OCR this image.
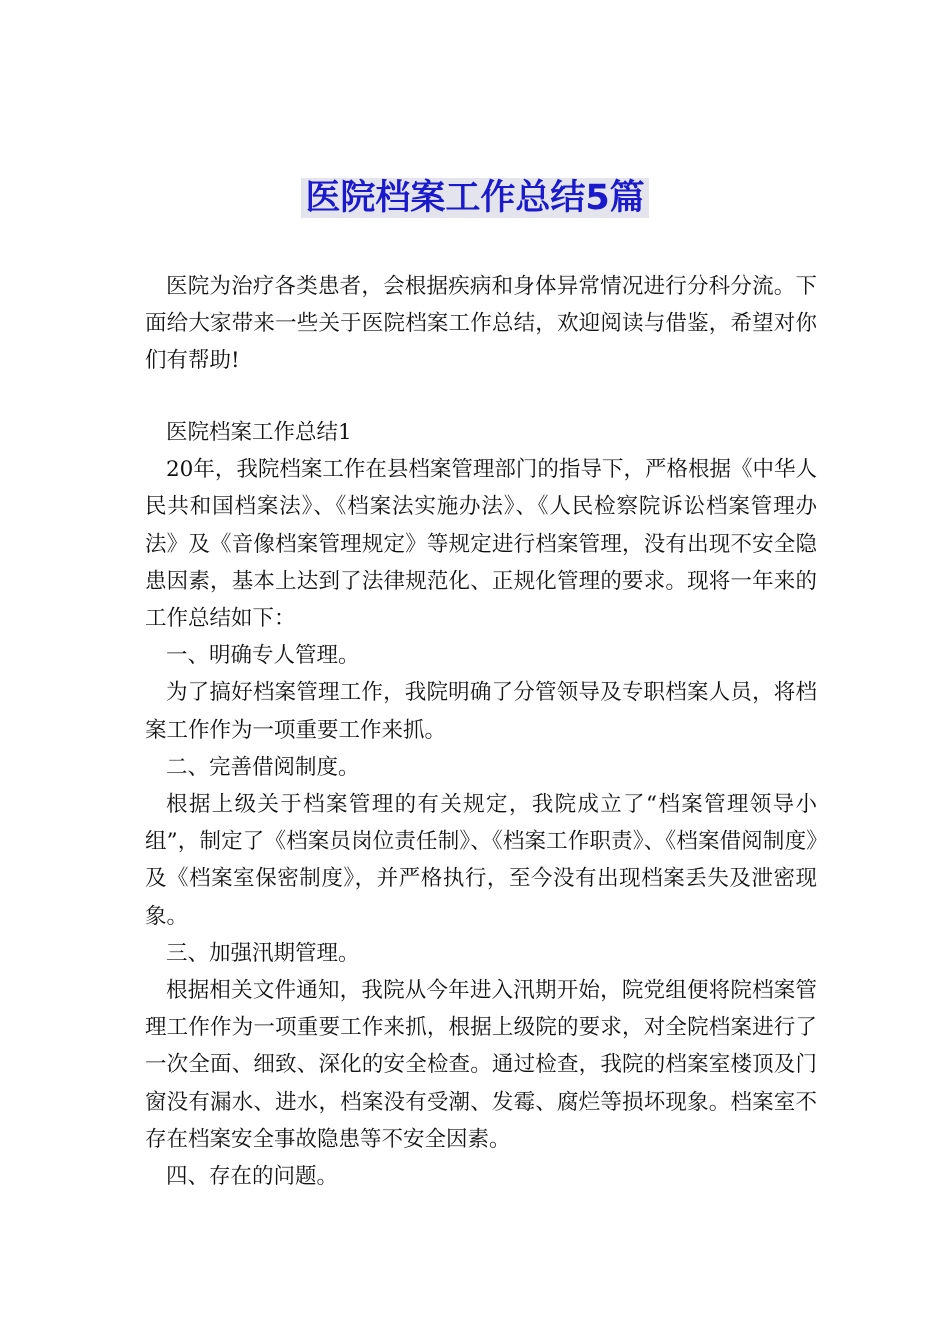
医院档案工作总结5篇

医院为治疗各类患者，会根据疾病和身体异常情况进行分科分流。下面给大家带来一些关于医院档案工作总结，欢迎阅读与借鉴，希望对你们有帮助!

医院档案工作总结1

20年，我院档案工作在县档案管理部门的指导下，严格根据《中华人民共和国档案法》、《档案法实施办法》、《人民检察院诉讼档案管理办法》及《音像档案管理规定》等规定进行档案管理，没有出现不安全隐患因素，基本上达到了法律规范化、正规化管理的要求。现将一年来的工作总结如下：

一、明确专人管理。

为了搞好档案管理工作，我院明确了分管领导及专职档案人员，将档案工作作为一项重要工作来抓。

二、完善借阅制度。

根据上级关于档案管理的有关规定，我院成立了“档案管理领导小组”，制定了《档案员岗位责任制》、《档案工作职责》、《档案借阅制度》及《档案室保密制度》，并严格执行，至今没有出现档案丢失及泄密现象。

三、加强汛期管理。

根据相关文件通知，我院从今年进入汛期开始，院党组便将院档案管理工作作为一项重要工作来抓，根据上级院的要求，对全院档案进行了一次全面、细致、深化的安全检查。通过检查，我院的档案室楼顶及门窗没有漏水、进水，档案没有受潮、发霉、腐烂等损坏现象。档案室不存在档案安全事故隐患等不安全因素。

四、存在的问题。
